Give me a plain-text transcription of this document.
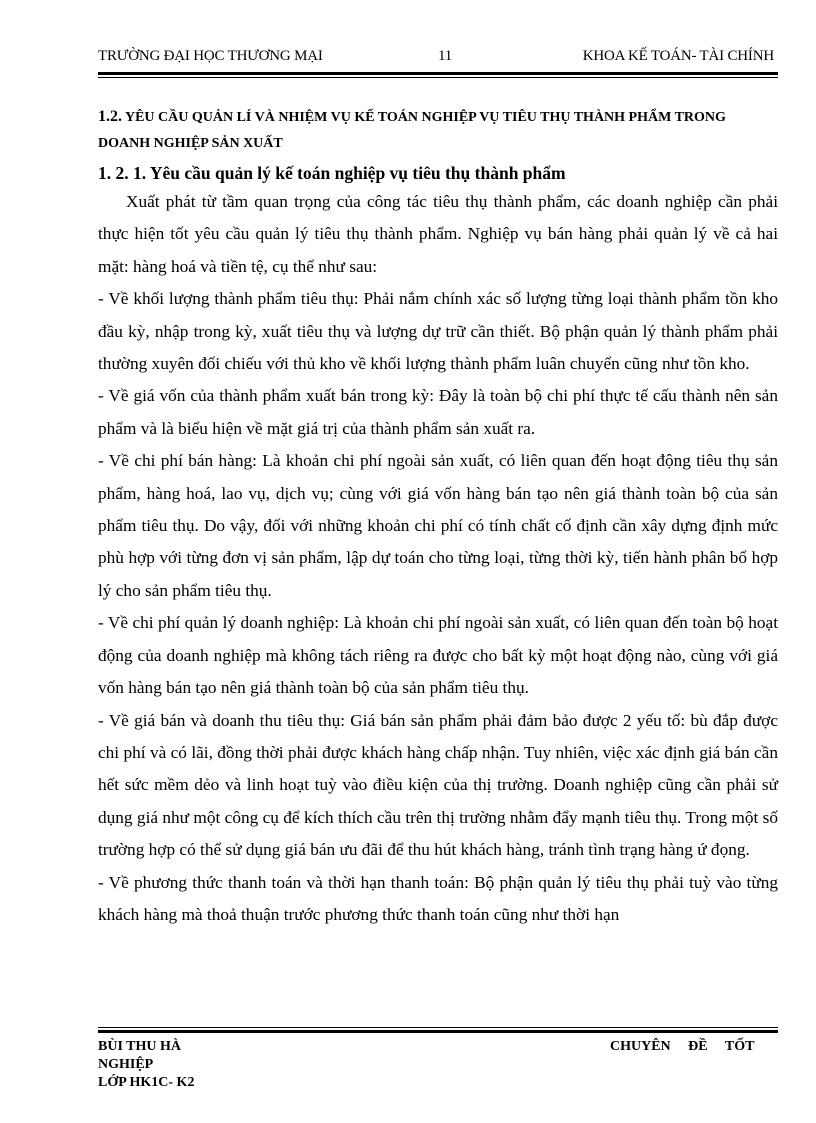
TRƯỜNG ĐẠI HỌC THƯƠNG MẠI	11	KHOA KẾ TOÁN- TÀI CHÍNH

1.2. YÊU CẦU QUẢN LÍ VÀ NHIỆM VỤ KẾ TOÁN NGHIỆP VỤ TIÊU THỤ THÀNH PHẨM TRONG
DOANH NGHIỆP SẢN XUẤT

1. 2. 1. Yêu cầu quản lý kế toán nghiệp vụ tiêu thụ thành phẩm

Xuất phát từ tầm quan trọng của công tác tiêu thụ thành phẩm, các doanh nghiệp cần phải thực hiện tốt yêu cầu quản lý tiêu thụ thành phẩm. Nghiệp vụ bán hàng phải quản lý về cả hai mặt: hàng hoá và tiền tệ, cụ thể như sau:

- Về khối lượng thành phẩm tiêu thụ: Phải nắm chính xác số lượng từng loại thành phẩm tồn kho đầu kỳ, nhập trong kỳ, xuất tiêu thụ và lượng dự trữ cần thiết. Bộ phận quản lý thành phẩm phải thường xuyên đối chiếu với thủ kho về khối lượng thành phẩm luân chuyển cũng như tồn kho.

- Về giá vốn của thành phẩm xuất bán trong kỳ: Đây là toàn bộ chi phí thực tế cấu thành nên sản phẩm và là biểu hiện về mặt giá trị của thành phẩm sản xuất ra.

- Về chi phí bán hàng: Là khoản chi phí ngoài sản xuất, có liên quan đến hoạt động tiêu thụ sản phẩm, hàng hoá, lao vụ, dịch vụ; cùng với giá vốn hàng bán tạo nên giá thành toàn bộ của sản phẩm tiêu thụ. Do vậy, đối với những khoản chi phí có tính chất cố định cần xây dựng định mức phù hợp với từng đơn vị sản phẩm, lập dự toán cho từng loại, từng thời kỳ, tiến hành phân bổ hợp lý cho sản phẩm tiêu thụ.

- Về chi phí quản lý doanh nghiệp: Là khoản chi phí ngoài sản xuất, có liên quan đến toàn bộ hoạt động của doanh nghiệp mà không tách riêng ra được cho bất kỳ một hoạt động nào, cùng với giá vốn hàng bán tạo nên giá thành toàn bộ của sản phẩm tiêu thụ.

- Về giá bán và doanh thu tiêu thụ: Giá bán sản phẩm phải đảm bảo được 2 yếu tố: bù đắp được chi phí và có lãi, đồng thời phải được khách hàng chấp nhận. Tuy nhiên, việc xác định giá bán cần hết sức mềm dẻo và linh hoạt tuỳ vào điều kiện của thị trường. Doanh nghiệp cũng cần phải sử dụng giá như một công cụ để kích thích cầu trên thị trường nhằm đẩy mạnh tiêu thụ. Trong một số trường hợp có thể sử dụng giá bán ưu đãi để thu hút khách hàng, tránh tình trạng hàng ứ đọng.

- Về phương thức thanh toán và thời hạn thanh toán: Bộ phận quản lý tiêu thụ phải tuỳ vào từng khách hàng mà thoả thuận trước phương thức thanh toán cũng như thời hạn

BÙI THU HÀ
NGHIỆP
LỚP HK1C- K2
CHUYÊN ĐỀ TỐT
